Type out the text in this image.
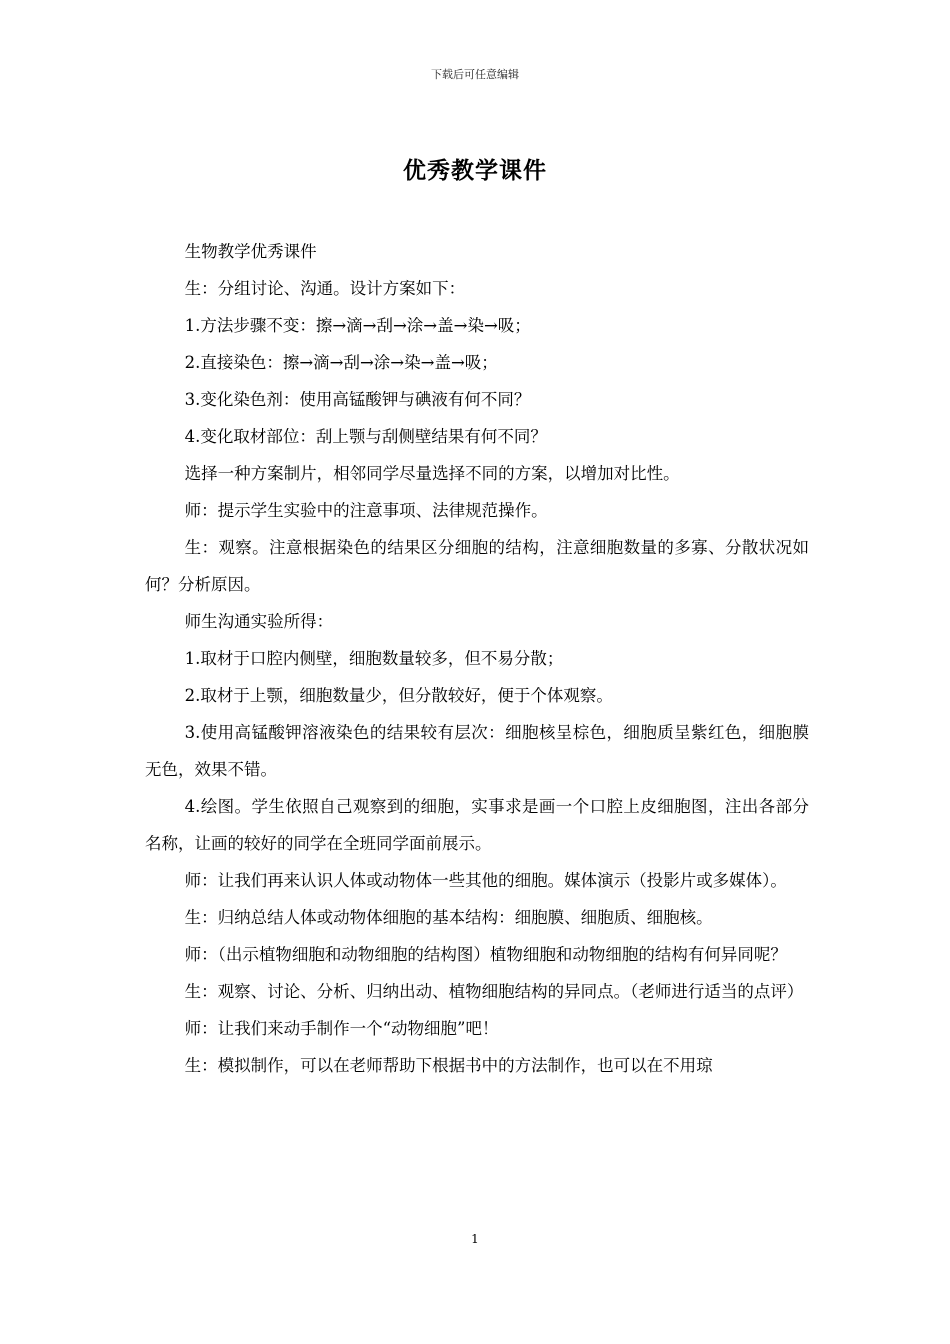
下载后可任意编辑
优秀教学课件

生物教学优秀课件

生：分组讨论、沟通。设计方案如下：

1.方法步骤不变：擦→滴→刮→涂→盖→染→吸；

2.直接染色：擦→滴→刮→涂→染→盖→吸；

3.变化染色剂：使用高锰酸钾与碘液有何不同？

4.变化取材部位：刮上颚与刮侧壁结果有何不同？

选择一种方案制片，相邻同学尽量选择不同的方案，以增加对比性。

师：提示学生实验中的注意事项、法律规范操作。

生：观察。注意根据染色的结果区分细胞的结构，注意细胞数量的多寡、分散状况如何？分析原因。

师生沟通实验所得：

1.取材于口腔内侧壁，细胞数量较多，但不易分散；

2.取材于上颚，细胞数量少，但分散较好，便于个体观察。

3.使用高锰酸钾溶液染色的结果较有层次：细胞核呈棕色，细胞质呈紫红色，细胞膜无色，效果不错。

4.绘图。学生依照自己观察到的细胞，实事求是画一个口腔上皮细胞图，注出各部分名称，让画的较好的同学在全班同学面前展示。

师：让我们再来认识人体或动物体一些其他的细胞。媒体演示（投影片或多媒体）。

生：归纳总结人体或动物体细胞的基本结构：细胞膜、细胞质、细胞核。

师：（出示植物细胞和动物细胞的结构图）植物细胞和动物细胞的结构有何异同呢？

生：观察、讨论、分析、归纳出动、植物细胞结构的异同点。（老师进行适当的点评）

师：让我们来动手制作一个“动物细胞”吧！

生：模拟制作，可以在老师帮助下根据书中的方法制作，也可以在不用琼

1
